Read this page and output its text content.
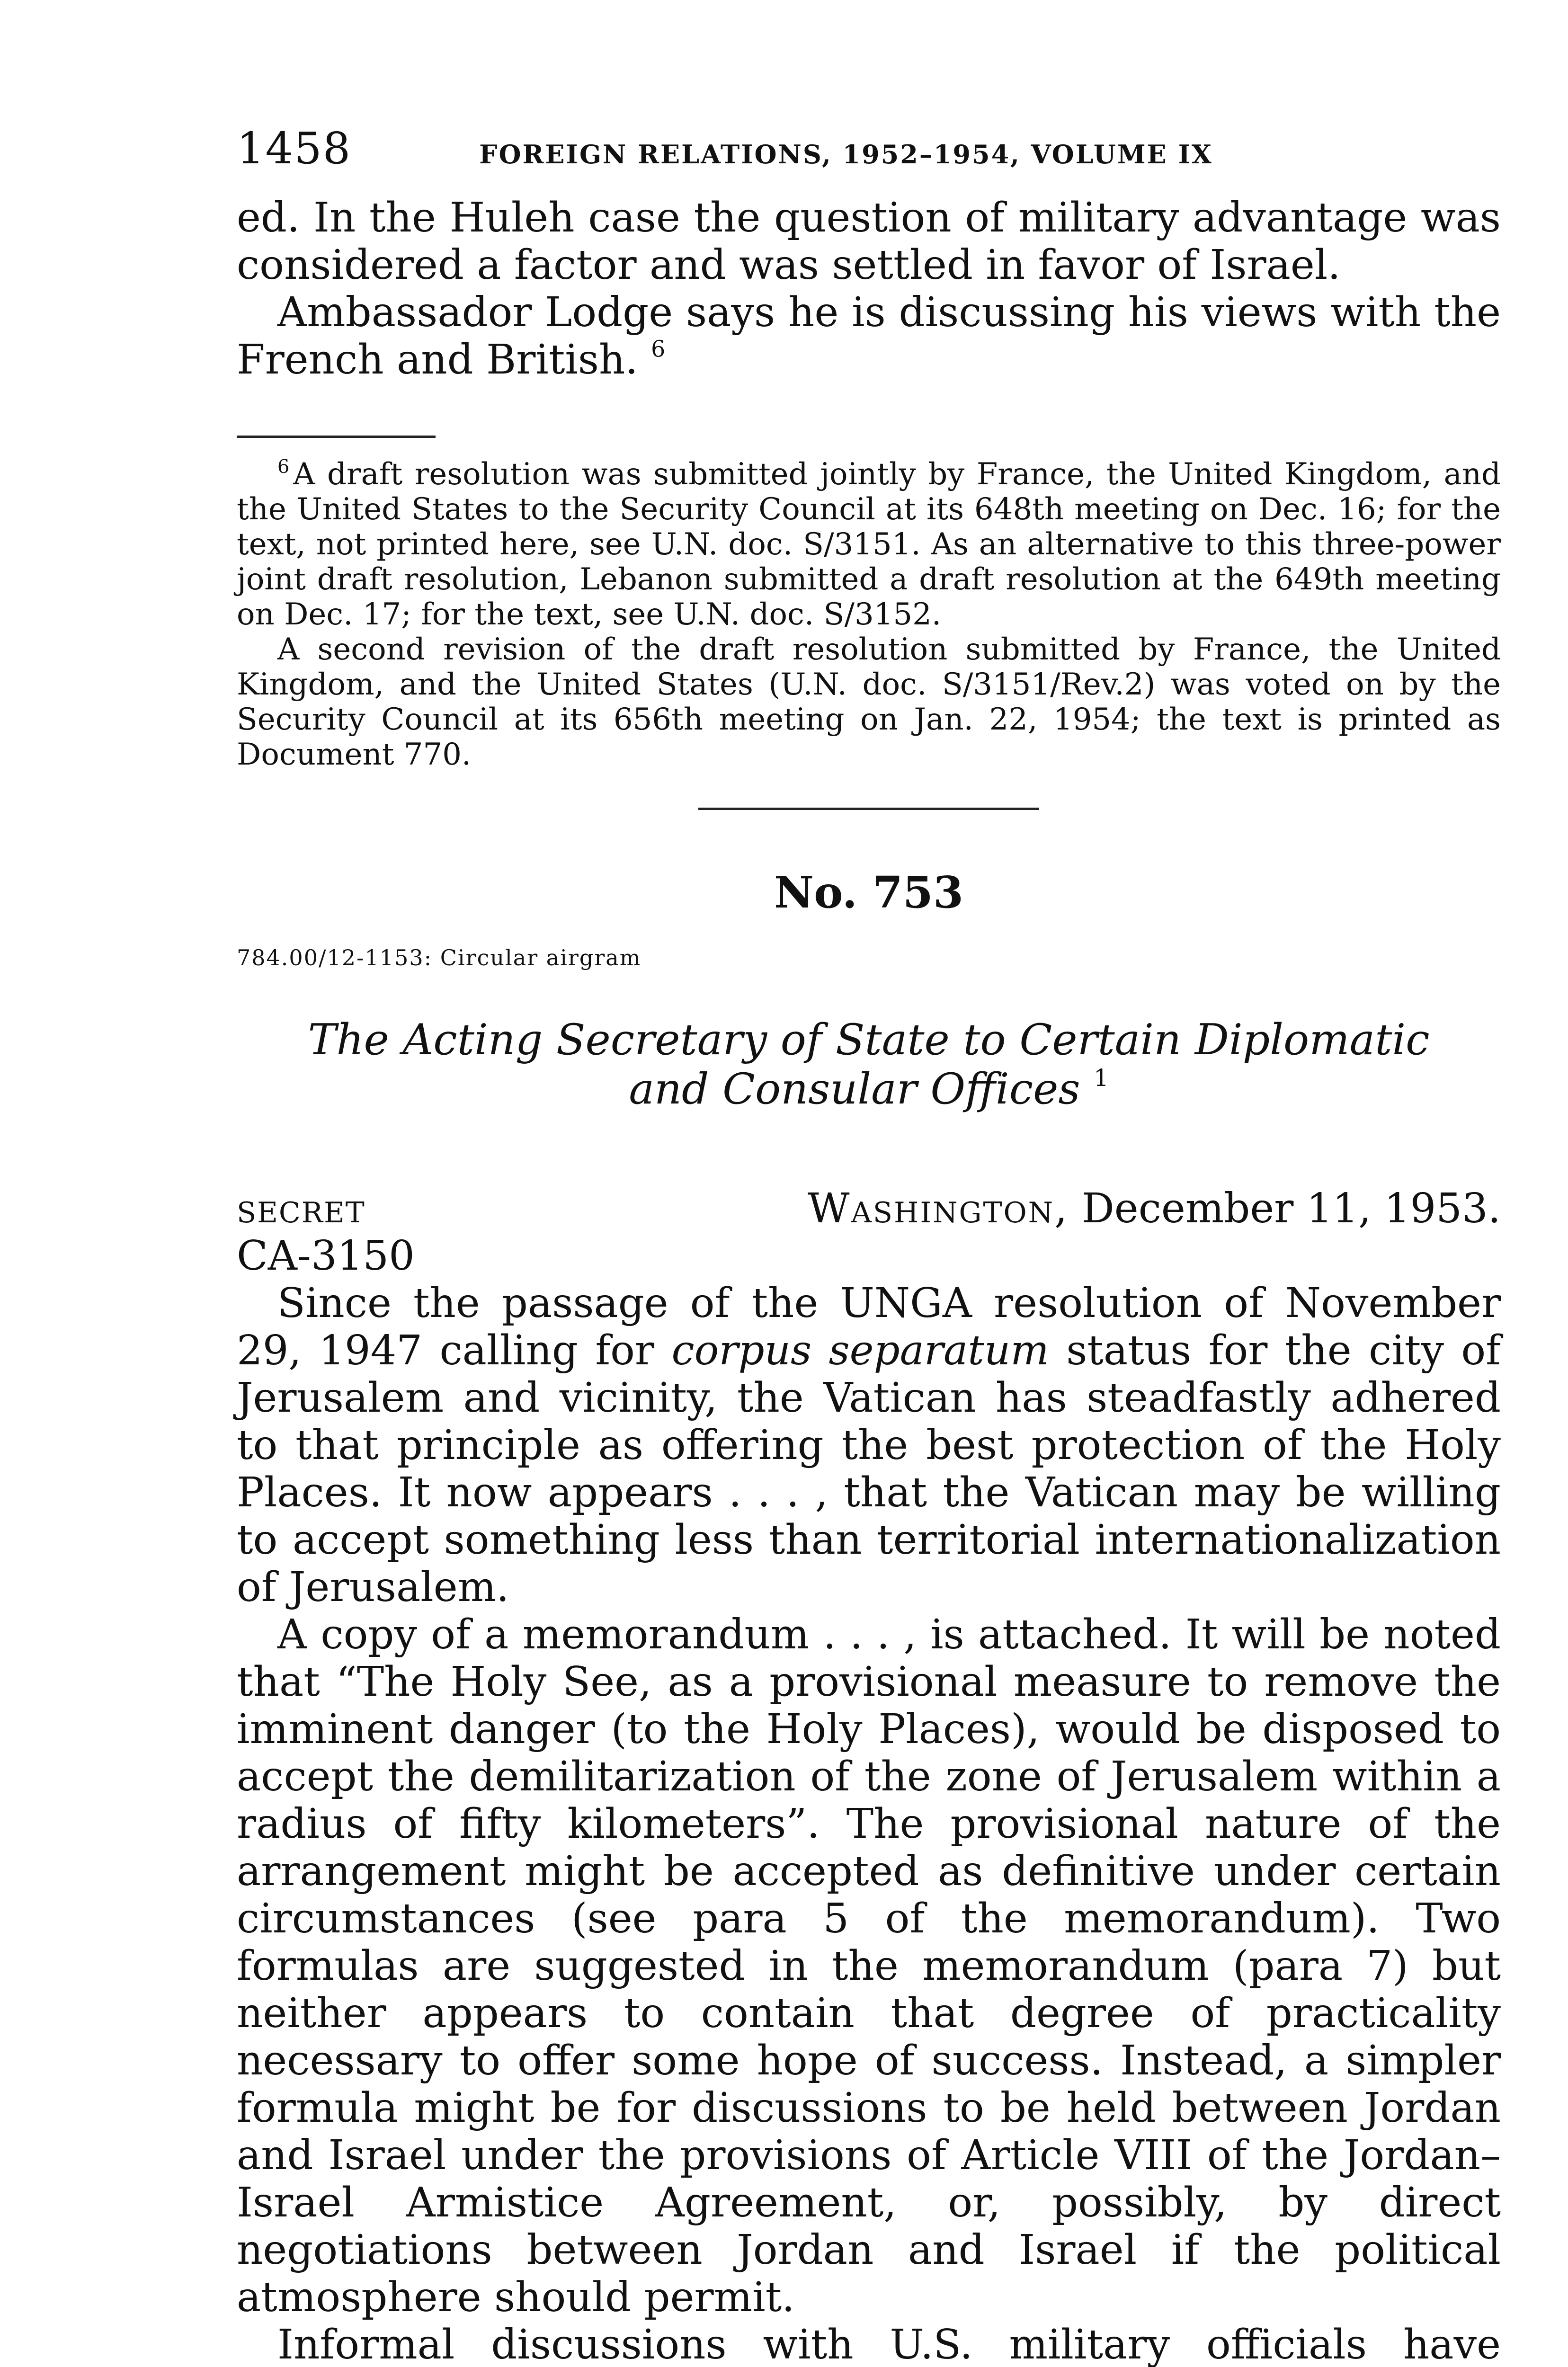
1458	FOREIGN RELATIONS, 1952–1954, VOLUME IX

ed. In the Huleh case the question of military advantage was considered a factor and was settled in favor of Israel.

Ambassador Lodge says he is discussing his views with the French and British. $^6$

$^6$ A draft resolution was submitted jointly by France, the United Kingdom, and the United States to the Security Council at its 648th meeting on Dec. 16; for the text, not printed here, see U.N. doc. S/3151. As an alternative to this three-power joint draft resolution, Lebanon submitted a draft resolution at the 649th meeting on Dec. 17; for the text, see U.N. doc. S/3152.

A second revision of the draft resolution submitted by France, the United Kingdom, and the United States (U.N. doc. S/3151/Rev.2) was voted on by the Security Council at its 656th meeting on Jan. 22, 1954; the text is printed as Document 770.

No. 753
784.00/12-1153: Circular airgram
The Acting Secretary of State to Certain Diplomatic and Consular Offices $^1$
SECRET	Washington, December 11, 1953.
CA-3150

Since the passage of the UNGA resolution of November 29, 1947 calling for corpus separatum status for the city of Jerusalem and vicinity, the Vatican has steadfastly adhered to that principle as offering the best protection of the Holy Places. It now appears . . . , that the Vatican may be willing to accept something less than territorial internationalization of Jerusalem.

A copy of a memorandum . . . , is attached. It will be noted that “The Holy See, as a provisional measure to remove the imminent danger (to the Holy Places), would be disposed to accept the demilitarization of the zone of Jerusalem within a radius of fifty kilometers”. The provisional nature of the arrangement might be accepted as definitive under certain circumstances (see para 5 of the memorandum). Two formulas are suggested in the memorandum (para 7) but neither appears to contain that degree of practicality necessary to offer some hope of success. Instead, a simpler formula might be for discussions to be held between Jordan and Israel under the provisions of Article VIII of the Jordan–Israel Armistice Agreement, or, possibly, by direct negotiations between Jordan and Israel if the political atmosphere should permit.

Informal discussions with U.S. military officials have
